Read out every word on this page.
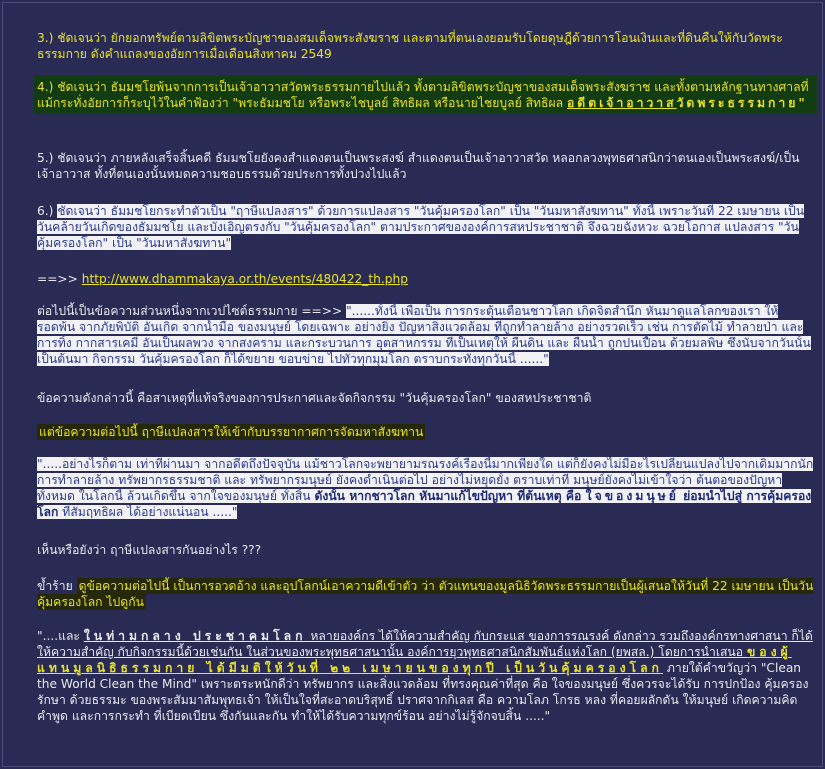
3.) ชัดเจนว่า ยักยอกทรัพย์ตามลิขิตพระบัญชาของสมเด็จพระสังฆราช และตามที่ตนเองยอมรับโดยดุษฎีด้วยการโอนเงินและที่ดินคืนให้กับวัดพระธรรมกาย ดังคำแถลงของอัยการเมื่อเดือนสิงหาคม 2549

4.) ชัดเจนว่า ธัมมชโยพ้นจากการเป็นเจ้าอาวาสวัดพระธรรมกายไปแล้ว ทั้งตามลิขิตพระบัญชาของสมเด็จพระสังฆราช และทั้งตามหลักฐานทางศาลที่แม้กระทั่งอัยการก็ระบุไว้ในคำฟ้องว่า "พระธัมมชโย หรือพระไชบูลย์ สิทธิผล หรือนายไชยบูลย์ สิทธิผล อดีตเจ้าอาวาสวัดพระธรรมกาย"

5.) ชัดเจนว่า ภายหลังเสร็จสิ้นคดี ธัมมชโยยังคงสำแดงตนเป็นพระสงฆ์ สำแดงตนเป็นเจ้าอาวาสวัด หลอกลวงพุทธศาสนิกว่าตนเองเป็นพระสงฆ์/เป็นเจ้าอาวาส ทั้งที่ตนเองนั้นหมดความชอบธรรมด้วยประการทั้งปวงไปแล้ว

6.) ชัดเจนว่า ธัมมชโยกระทำตัวเป็น "ฤาษีแปลงสาร" ด้วยการแปลงสาร "วันคุ้มครองโลก" เป็น "วันมหาสังฆทาน" ทั้งนี้ เพราะวันที่ 22 เมษายน เป็นวันคล้ายวันเกิดของธัมมชโย และบังเอิญตรงกับ "วันคุ้มครองโลก" ตามประกาศขององค์การสหประชาชาติ จึงฉวยฉังหวะ ฉวยโอกาส แปลงสาร "วันคุ้มครองโลก" เป็น "วันมหาสังฆทาน"

==>> http://www.dhammakaya.or.th/events/480422_th.php

ต่อไปนี้เป็นข้อความส่วนหนึ่งจากเวปไซต์ธรรมกาย ==>> "......ทั้งนี้ เพื่อเป็น การกระตุ้นเตือนชาวโลก เกิดจิตสำนึก หันมาดูแลโลกของเรา ให้รอดพ้น จากภัยพิบัติ อันเกิด จากน้ำมือ ของมนุษย์ โดยเฉพาะ อย่างยิ่ง ปัญหาสิ่งแวดล้อม ที่ถูกทำลายล้าง อย่างรวดเร็ว เช่น การตัดไม้ ทำลายป่า และการทิ้ง กากสารเคมี อันเป็นผลพวง จากสงคราม และกระบวนการ อุตสาหกรรม ที่เป็นเหตุให้ ผืนดิน และ ผืนน้ำ ถูกปนเปื้อน ด้วยมลพิษ ซึ่งนับจากวันนั้น เป็นต้นมา กิจกรรม วันคุ้มครองโลก ก็ได้ขยาย ขอบข่าย ไปทั่วทุกมุมโลก ตราบกระทั่งทุกวันนี้ ......"

ข้อความดังกล่าวนี้ คือสาเหตุที่แท้จริงของการประกาศและจัดกิจกรรม "วันคุ้มครองโลก" ของสหประชาชาติ

แต่ข้อความต่อไปนี้ ฤาษีแปลงสารให้เข้ากับบรรยากาศการจัดมหาสังฆทาน

".....อย่างไรก็ตาม เท่าที่ผ่านมา จากอดีตถึงปัจจุบัน แม้ชาวโลกจะพยายามรณรงค์เรื่องนี้มากเพียงใด แต่ก็ยังคงไม่มีอะไรเปลี่ยนแปลงไปจากเดิมมากนัก การทำลายล้าง ทรัพยากรธรรมชาติ และ ทรัพยากรมนุษย์ ยังคงดำเนินต่อไป อย่างไม่หยุดยั้ง ตราบเท่าที่ มนุษย์ยังคงไม่เข้าใจว่า ต้นตอของปัญหา ทั้งหมด ในโลกนี้ ล้วนเกิดขึ้น จากใจของมนุษย์ ทั้งสิ้น ดังนั้น หากชาวโลก หันมาแก้ไขปัญหา ที่ต้นเหตุ คือ ใจของมนุษย์ ย่อมนำไปสู่ การคุ้มครองโลก ที่สัมฤทธิผล ได้อย่างแน่นอน ....."

เห็นหรือยังว่า ฤาษีแปลงสารกันอย่างไร ???

ข้ำร้าย ดูข้อความต่อไปนี้ เป็นการอวดอ้าง และอุปโลกน์เอาความดีเข้าตัว ว่า ตัวแทนของมูลนิธิวัดพระธรรมกายเป็นผู้เสนอให้วันที่ 22 เมษายน เป็นวันคุ้มครองโลก ไปดูกัน

"....และ ในท่ามกลาง ประชาคมโลก หลายองค์กร ได้ให้ความสำคัญ กับกระแส ของการรณรงค์ ดังกล่าว รวมถึงองค์กรทางศาสนา ก็ได้ให้ความสำคัญ กับกิจกรรมนี้ด้วยเช่นกัน ในส่วนของพระพุทธศาสนานั้น องค์การยุวพุทธศาสนิกสัมพันธ์แห่งโลก (ยพสล.) โดยการนำเสนอ ของผู้แทนมูลนิธิธรรมกาย ได้มีมติให้วันที่ ๒๒ เมษายนของทุกปี เป็นวันคุ้มครองโลก ภายใต้คำขวัญว่า "Clean the World Clean the Mind" เพราะตระหนักดีว่า ทรัพยากร และสิ่งแวดล้อม ที่ทรงคุณค่าที่สุด คือ ใจของมนุษย์ ซึ่งควรจะได้รับ การปกป้อง คุ้มครอง รักษา ด้วยธรรมะ ของพระสัมมาสัมพุทธเจ้า ให้เป็นใจที่สะอาดบริสุทธิ์ ปราศจากกิเลส คือ ความโลภ โกรธ หลง ที่คอยผลักดัน ให้มนุษย์ เกิดความคิด คำพูด และการกระทำ ที่เบียดเบียน ซึ่งกันและกัน ทำให้ได้รับความทุกข์ร้อน อย่างไม่รู้จักจบสิ้น ....."
